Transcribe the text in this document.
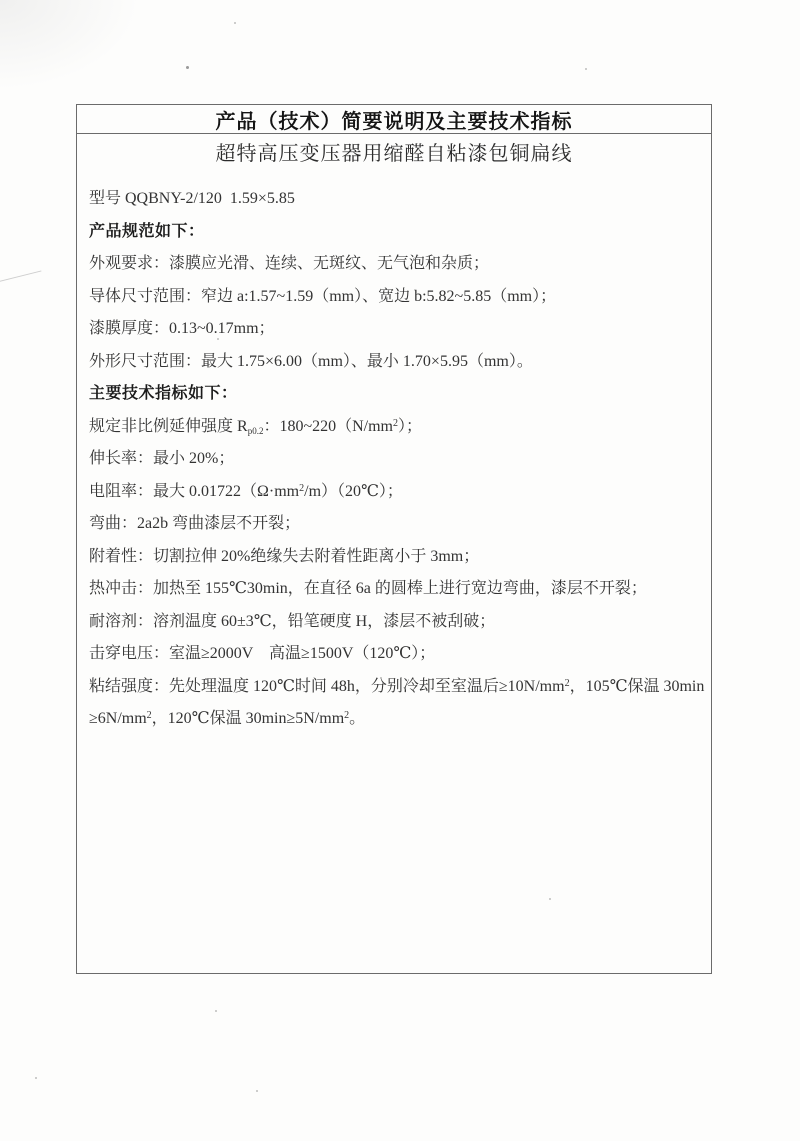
产品（技术）简要说明及主要技术指标
超特高压变压器用缩醛自粘漆包铜扁线
型号 QQBNY-2/120  1.59×5.85
产品规范如下：
外观要求：漆膜应光滑、连续、无斑纹、无气泡和杂质；
导体尺寸范围：窄边 a:1.57~1.59（mm）、宽边 b:5.82~5.85（mm）；
漆膜厚度：0.13~0.17mm；
外形尺寸范围：最大 1.75×6.00（mm）、最小 1.70×5.95（mm）。
主要技术指标如下：
规定非比例延伸强度 $R_{p0.2}$：$180\sim 220(N/mm^2)$；
伸长率：最小 20%；
电阻率：最大 $0.01722(\Omega\cdot mm^2/m)(20℃)$；
弯曲：2a2b 弯曲漆层不开裂；
附着性：切割拉伸 20%绝缘失去附着性距离小于 3mm；
热冲击：加热至 155℃30min，在直径 6a 的圆棒上进行宽边弯曲，漆层不开裂；
耐溶剂：溶剂温度 60±3℃，铅笔硬度 H，漆层不被刮破；
击穿电压：室温≥2000V　高温≥1500V（120℃）；
粘结强度：先处理温度 120℃时间 48h，分别冷却至室温后$\ge 10N/mm^2$，105℃保温 $30\min \ge 6N/mm^2$，120℃保温 $30\min\ge 5N/mm^2$。
